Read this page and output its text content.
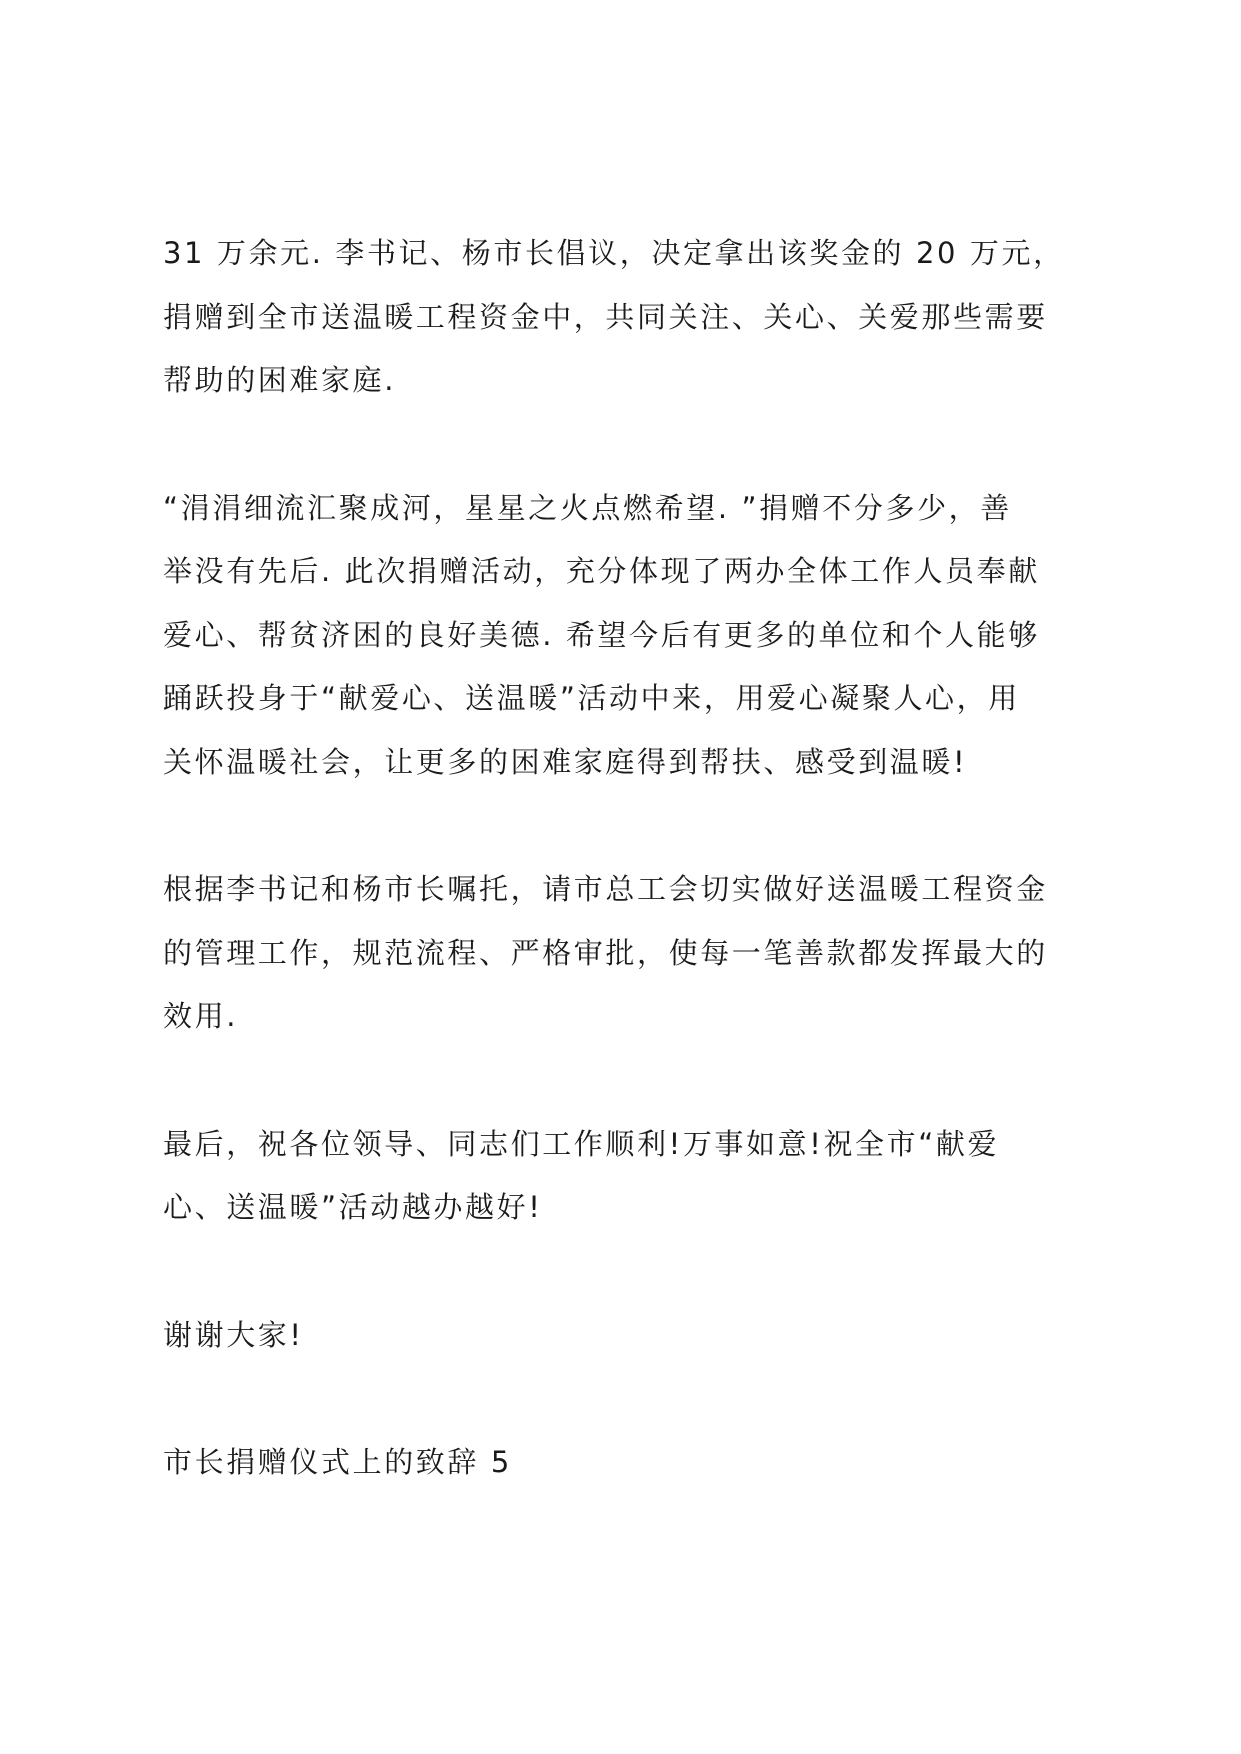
31 万余元. 李书记、杨市长倡议，决定拿出该奖金的 20 万元，
捐赠到全市送温暖工程资金中，共同关注、关心、关爱那些需要
帮助的困难家庭.
“涓涓细流汇聚成河，星星之火点燃希望. ”捐赠不分多少，善
举没有先后. 此次捐赠活动，充分体现了两办全体工作人员奉献
爱心、帮贫济困的良好美德. 希望今后有更多的单位和个人能够
踊跃投身于“献爱心、送温暖”活动中来，用爱心凝聚人心，用
关怀温暖社会，让更多的困难家庭得到帮扶、感受到温暖!
根据李书记和杨市长嘱托，请市总工会切实做好送温暖工程资金
的管理工作，规范流程、严格审批，使每一笔善款都发挥最大的
效用.
最后，祝各位领导、同志们工作顺利!万事如意!祝全市“献爱
心、送温暖”活动越办越好!
谢谢大家!
市长捐赠仪式上的致辞 5
